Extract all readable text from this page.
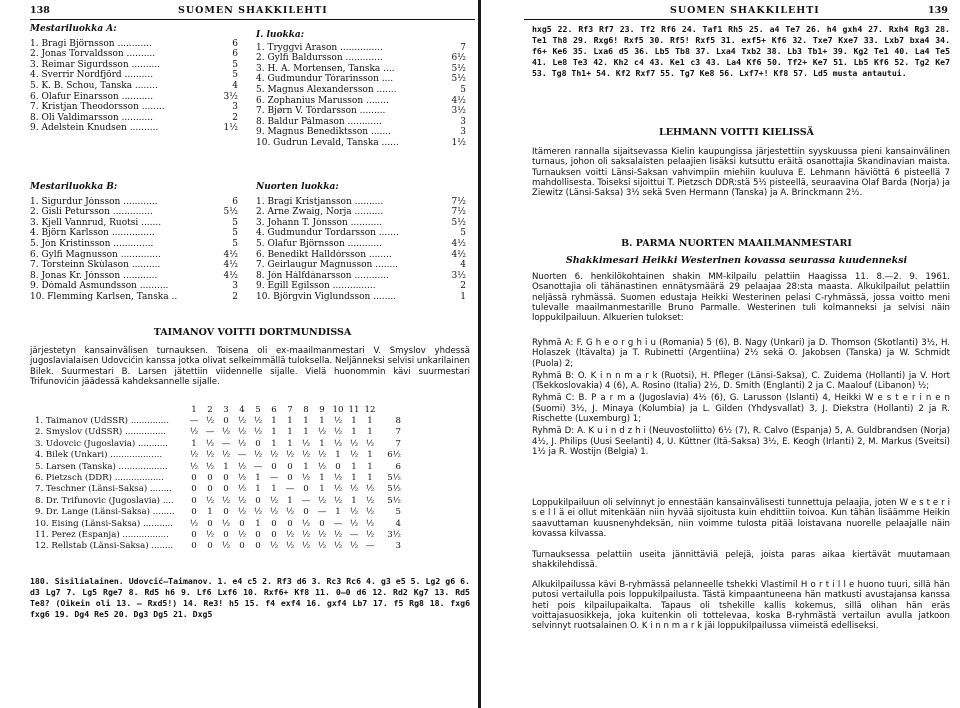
138	SUOMEN SHAKKILEHTI
Mestariluokka A:
1. Bragi Björnsson ............	6
2. Jonas Torvaldsson ..........	6
3. Reimar Sigurdsson ..........	5
4. Sverrir Nordfjörd ..........	5
5. K. B. Schou, Tanska ........	4
6. Olafur Einarsson ...........	3½
7. Kristjan Theodorsson ........	3
8. Óli Valdimarsson ...........	2
9. Adelstein Knudsen ..........	1½
I. luokka:
1. Tryggvi Arason ...............	7
2. Gylfi Baldursson .............	6½
3. H. A. Mortensen, Tanska ....	5½
4. Gudmundur Tórarinsson ....	5½
5. Magnus Alexandersson .......	5
6. Zophanius Marusson ........	4½
7. Bjørn V. Tórdarsson .........	3½
8. Baldur Pálmason ............	3
9. Magnus Benediktsson .......	3
10. Gudrun Levald, Tanska ......	1½
Mestariluokka B:
1. Sigurdur Jónsson ............	6
2. Gisli Petursson ..............	5½
3. Kjell Vannrud, Ruotsi .......	5
4. Björn Karlsson ...............	5
5. Jón Kristinsson ..............	5
6. Gylfi Magnusson ..............	4½
7. Torsteinn Skúlason ..........	4½
8. Jonas Kr. Jónsson ............	4½
9. Dómald Ásmundsson ..........	3
10. Flemming Karlsen, Tanska ..	2
Nuorten luokka:
1. Bragi Kristjansson ..........	7½
2. Arne Zwaig, Norja ..........	7½
3. Johann T. Jónsson ...........	5½
4. Gudmundur Tordarsson .......	5
5. Ólafur Björnsson ............	4½
6. Benedikt Halldórsson ........	4½
7. Geirlaugur Magnusson ........	4
8. Jón Hálfdánarsson ............	3½
9. Egill Egilsson ...............	2
10. Björgvin Viglundsson ........	1
TAIMANOV VOITTI DORTMUNDISSA
järjestetyn kansainvälisen turnauksen. Toisena oli ex-maailmanmestari V. Smyslov yhdessä jugoslavialaisen Udovcićin kanssa jotka olivat selkeimmällä tuloksella. Neljänneksi selvisi unkarilainen Bilek. Suurmestari B. Larsen jätettiin viidennelle sijalle. Vielä huonommin kävi suurmestari Trifunovićin jäädessä kahdeksannelle sijalle.
	1	2	3	4	5	6	7	8	9	10	11	12	
1. Taimanov (UdSSR) ..............	—	½	0	½	½	1	1	1	1	½	1	1	8
2. Smyslov (UdSSR) ...............	½	—	½	½	½	1	1	1	½	½	1	1	7
3. Udovcic (Jugoslavia) ...........	1	½	—	½	0	1	1	½	1	½	½	½	7
4. Bilek (Unkari) ...................	½	½	½	—	½	½	½	½	½	1	½	1	6½
5. Larsen (Tanska) ..................	½	½	1	½	—	0	0	1	½	0	1	1	6
6. Pietzsch (DDR) ..................	0	0	0	½	1	—	0	½	1	½	1	1	5½
7. Teschner (Länsi-Saksa) ........	0	0	0	½	1	1	—	0	1	½	½	½	5½
8. Dr. Trifunovic (Jugoslavia) ....	0	½	½	½	0	½	1	—	½	½	1	½	5½
9. Dr. Lange (Länsi-Saksa) ........	0	1	0	½	½	½	½	0	—	1	½	½	5
10. Eising (Länsi-Saksa) ...........	½	0	½	0	1	0	0	½	0	—	½	½	4
11. Perez (Espanja) .................	0	½	0	½	0	0	½	½	½	½	—	½	3½
12. Rellstab (Länsi-Saksa) ........	0	0	½	0	0	½	½	½	½	½	½	—	3
180. Sisilialainen. Udovcić—Taimanov. 1. e4 c5 2. Rf3 d6 3. Rc3 Rc6 4. g3 e5 5. Lg2 g6 6. d3 Lg7 7. Lg5 Rge7 8. Rd5 h6 9. Lf6 Lxf6 10. Rxf6+ Kf8 11. 0—0 d6 12. Rd2 Kg7 13. Rd5 Te8? (Oikein oli 13. — Rxd5!) 14. Re3! h5 15. f4 exf4 16. gxf4 Lb7 17. f5 Rg8 18. fxg6 fxg6 19. Dg4 Re5 20. Dg3 Dg5 21. Dxg5
SUOMEN SHAKKILEHTI	139
hxg5 22. Rf3 Rf7 23. Tf2 Rf6 24. Taf1 Rh5 25. a4 Te7 26. h4 gxh4 27. Rxh4 Rg3 28. Te1 Th8 29. Rxg6! Rxf5 30. Rf5! Rxf5 31. exf5+ Kf6 32. Txe7 Kxe7 33. Lxb7 bxa4 34. f6+ Ke6 35. Lxa6 d5 36. Lb5 Tb8 37. Lxa4 Txb2 38. Lb3 Tb1+ 39. Kg2 Te1 40. La4 Te5 41. Le8 Te3 42. Kh2 c4 43. Ke1 c3 43. La4 Kf6 50. Tf2+ Ke7 51. Lb5 Kf6 52. Tg2 Ke7 53. Tg8 Th1+ 54. Kf2 Rxf7 55. Tg7 Ke8 56. Lxf7+! Kf8 57. Ld5 musta antautui.
LEHMANN VOITTI KIELISSÄ
Itämeren rannalla sijaitsevassa Kielin kaupungissa järjestettiin syyskuussa pieni kansainvälinen turnaus, johon oli saksalaisten pelaajien lisäksi kutsuttu eräitä osanottajia Skandinavian maista. Turnauksen voitti Länsi-Saksan vahvimpiin miehiin kuuluva E. Lehmann häviöttä 6 pisteellä 7 mahdollisesta. Toiseksi sijoittui T. Pietzsch DDR:stä 5½ pisteellä, seuraavina Olaf Barda (Norja) ja Ziewitz (Länsi-Saksa) 3½ sekä Sven Hermann (Tanska) ja A. Brinckmann 2½.
B. PARMA NUORTEN MAAILMANMESTARI
Shakkimesari Heikki Westerinen kovassa seurassa kuudenneksi
Nuorten 6. henkilökohtainen shakin MM-kilpailu pelattiin Haagissa 11. 8.—2. 9. 1961. Osanottajia oli tähänastinen ennätysmäärä 29 pelaajaa 28:sta maasta. Alkukilpailut pelattiin neljässä ryhmässä. Suomen edustaja Heikki Westerinen pelasi C-ryhmässä, jossa voitto meni tulevalle maailmanmestarille Bruno Parmalle. Westerinen tuli kolmanneksi ja selvisi näin loppukilpailuun. Alkuerien tulokset:
Ryhmä A: F. G h e o r g h i u (Romania) 5 (6), B. Nagy (Unkari) ja D. Thomson (Skotlanti) 3½, H. Holaszek (Itävalta) ja T. Rubinetti (Argentiina) 2½ sekä O. Jakobsen (Tanska) ja W. Schmidt (Puola) 2;
Ryhmä B: O. K i n n m a r k (Ruotsi), H. Pfleger (Länsi-Saksa), C. Zuidema (Hollanti) ja V. Hort (Tšekkoslovakia) 4 (6), A. Rosino (Italia) 2½, D. Smith (Englanti) 2 ja C. Maalouf (Libanon) ½;
Ryhmä C: B. P a r m a (Jugoslavia) 4½ (6), G. Larusson (Islanti) 4, Heikki W e s t e r i n e n (Suomi) 3½, J. Minaya (Kolumbia) ja L. Gilden (Yhdysvallat) 3, J. Diekstra (Hollanti) 2 ja R. Rischette (Luxemburg) 1;
Ryhmä D: A. K u i n d z h i (Neuvostoliitto) 6½ (7), R. Calvo (Espanja) 5, A. Guldbrandsen (Norja) 4½, J. Philips (Uusi Seelanti) 4, U. Küttner (Itä-Saksa) 3½, E. Keogh (Irlanti) 2, M. Markus (Sveitsi) 1½ ja R. Wostijn (Belgia) 1.
Loppukilpailuun oli selvinnyt jo ennestään kansainvälisesti tunnettuja pelaajia, joten W e s t e r i s e l l ä ei ollut mitenkään niin hyvää sijoitusta kuin ehdittiin toivoa. Kun tähän lisäämme Heikin saavuttaman kuusnenyhdeksän, niin voimme tulosta pitää loistavana nuorelle pelaajalle näin kovassa kilvassa.
Turnauksessa pelattiin useita jännittäviä pelejä, joista paras aikaa kiertävät muutamaan shakkilehdissä.
Alkukilpailussa kävi B-ryhmässä pelanneelle tshekki Vlastimil H o r t i l l e huono tuuri, sillä hän putosi vertailulla pois loppukilpailusta. Tästä kimpaantuneena hän matkusti avustajansa kanssa heti pois kilpailupaikalta. Tapaus oli tshekille kallis kokemus, sillä olihan hän eräs voittajasuosikkeja, joka kuitenkin oli tottelevaa, koska B-ryhmästä vertailun avulla jatkoon selvinnyt ruotsalainen O. K i n n m a r k jäi loppukilpailussa viimeistä edelliseksi.
